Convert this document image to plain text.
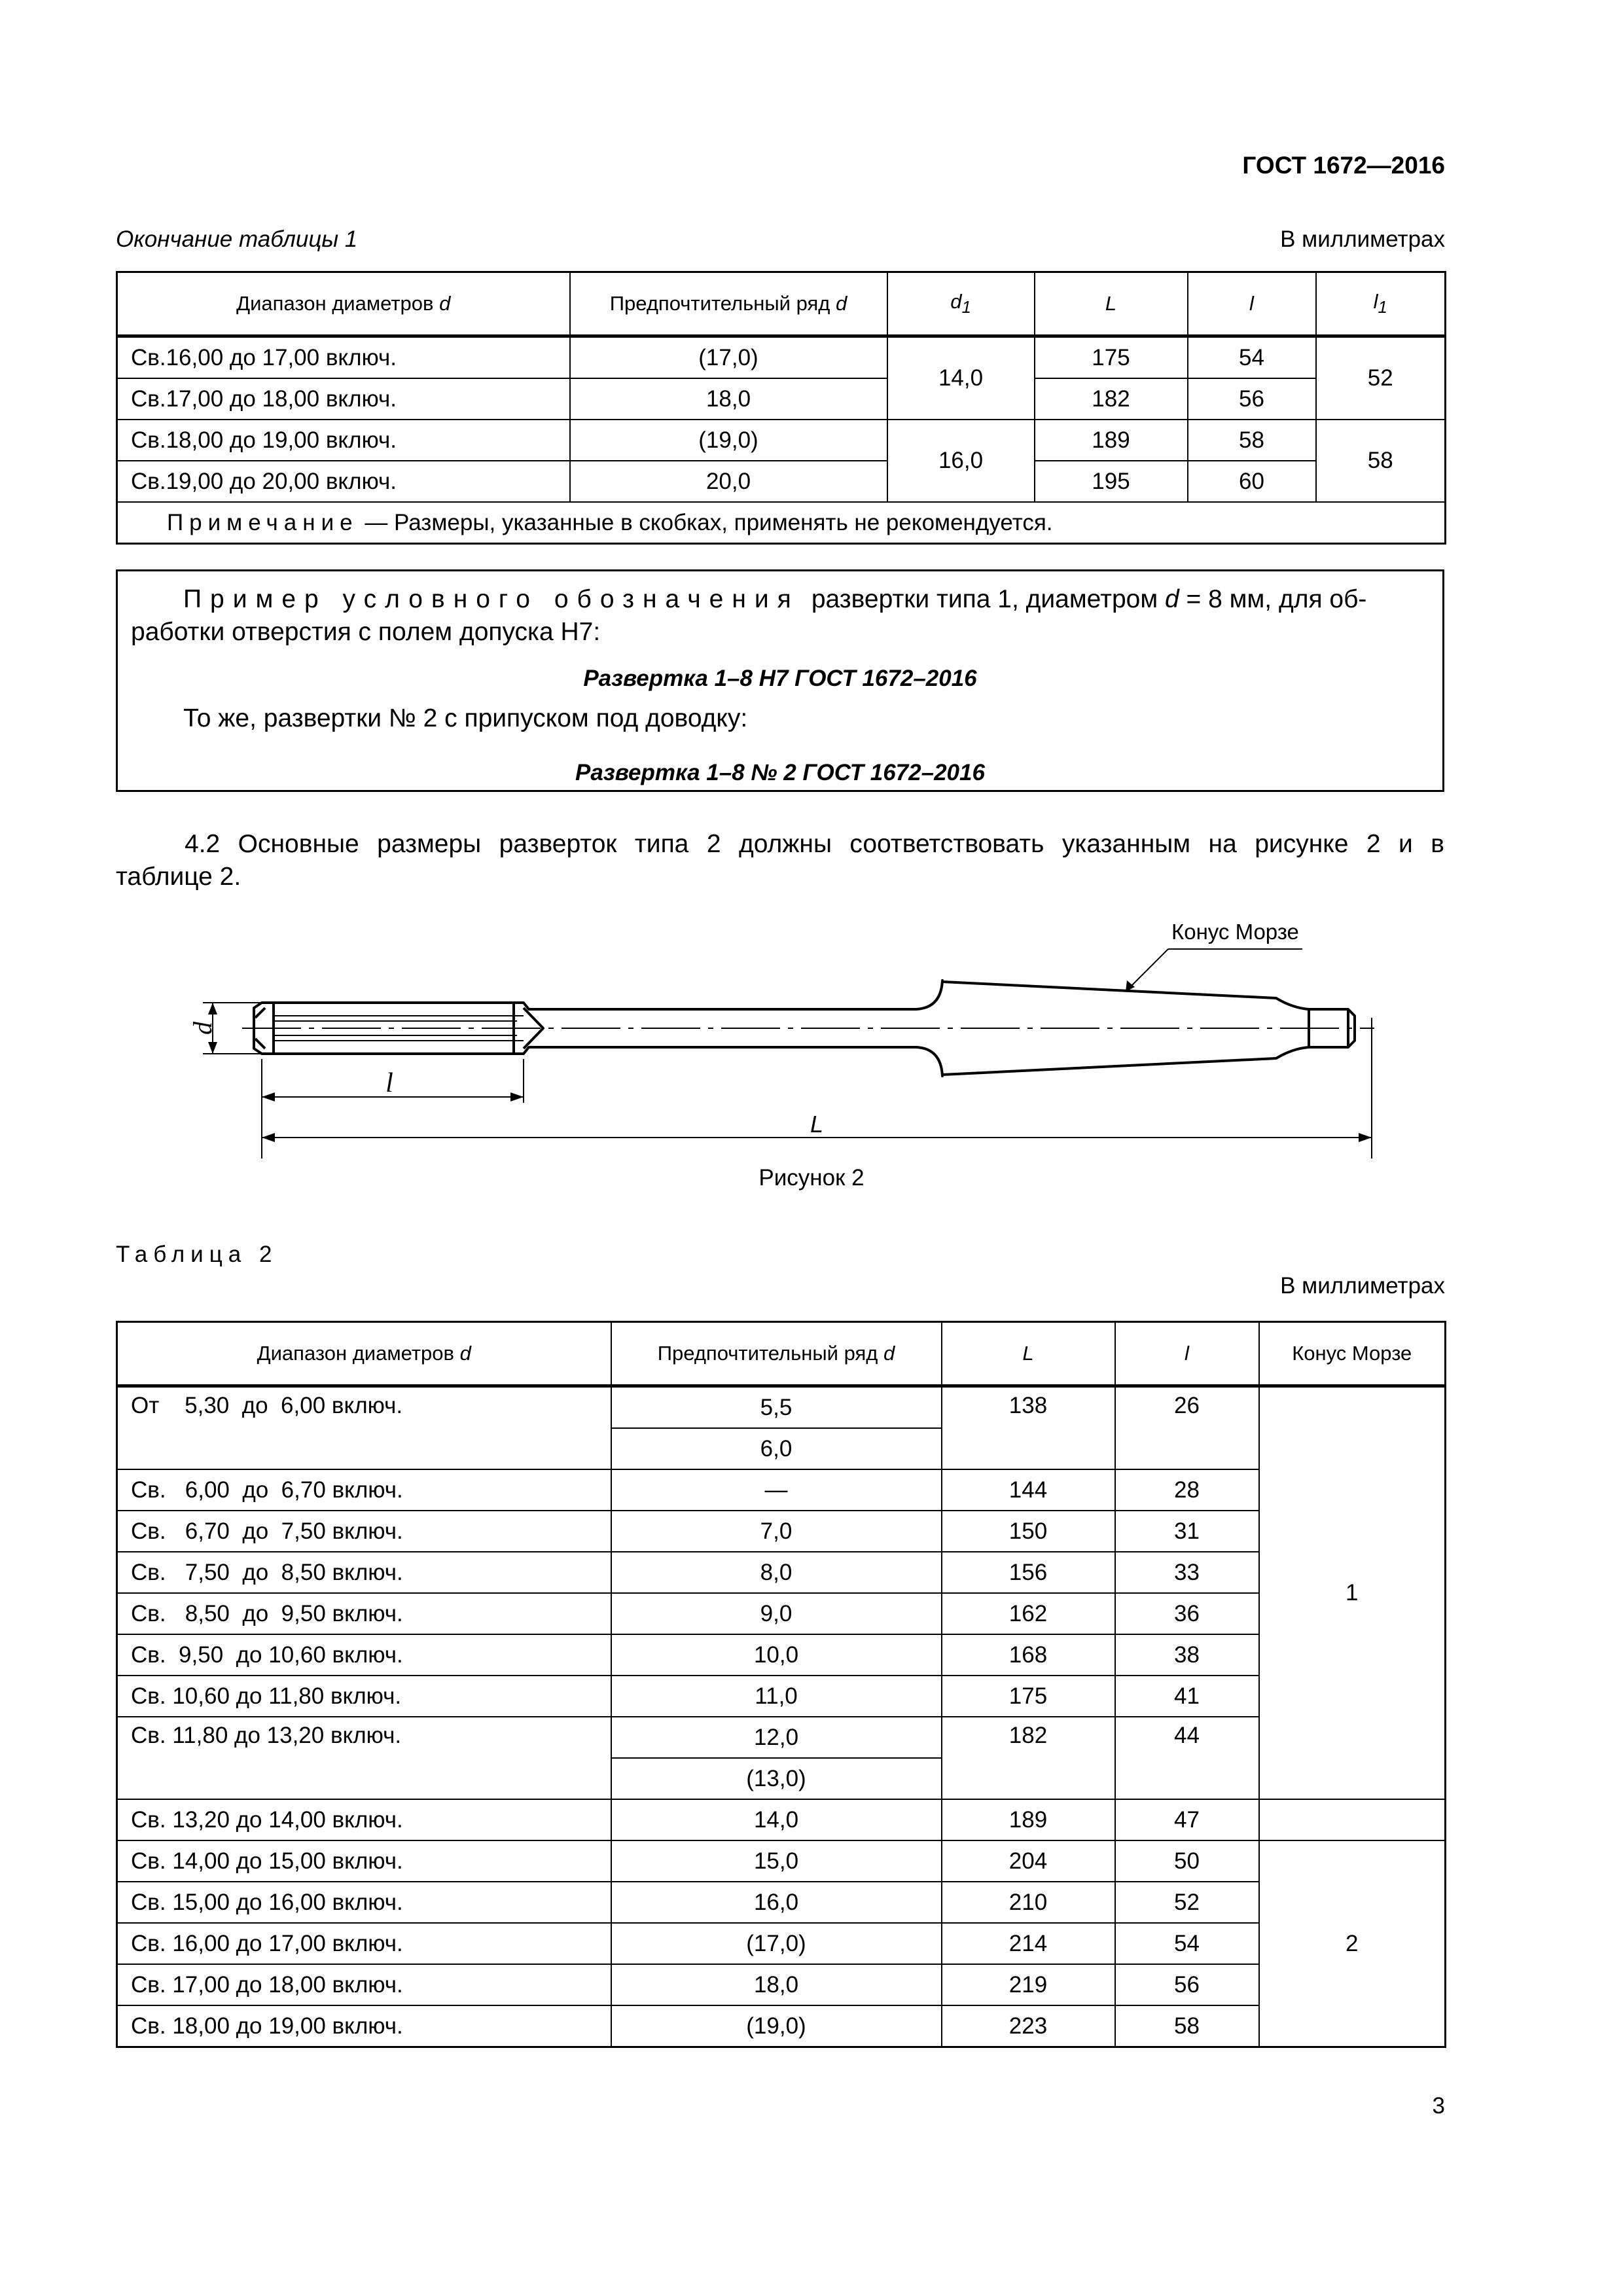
ГОСТ 1672—2016
Окончание таблицы 1	В миллиметрах
Диапазон диаметров d	Предпочтительный ряд d	$d_1$	L	l	$l_1$
Св.16,00 до 17,00 включ.	(17,0)	14,0	175	54	52
Св.17,00 до 18,00 включ.	18,0		182	56	
Св.18,00 до 19,00 включ.	(19,0)	16,0	189	58	58
Св.19,00 до 20,00 включ.	20,0		195	60	
Примечание — Размеры, указанные в скобках, применять не рекомендуется.					
Пример условного обозначения развертки типа 1, диаметром d = 8 мм, для об-
работки отверстия с полем допуска H7:
Развертка 1–8 H7 ГОСТ 1672–2016
То же, развертки № 2 с припуском под доводку:
Развертка 1–8 № 2 ГОСТ 1672–2016
4.2 Основные размеры разверток типа 2 должны соответствовать указанным на рисунке 2 и в
таблице 2.
Конус Морзе
d
l
L
Рисунок 2
Таблица 2
В миллиметрах
Диапазон диаметров d	Предпочтительный ряд d	L	l	Конус Морзе
От    5,30  до  6,00 включ.	5,5	138	26	1
	6,0			
Св.   6,00  до  6,70 включ.	—	144	28	
Св.   6,70  до  7,50 включ.	7,0	150	31	
Св.   7,50  до  8,50 включ.	8,0	156	33	
Св.   8,50  до  9,50 включ.	9,0	162	36	
Св.  9,50  до 10,60 включ.	10,0	168	38	
Св. 10,60 до 11,80 включ.	11,0	175	41	
Св. 11,80 до 13,20 включ.	12,0	182	44	
	(13,0)			
Св. 13,20 до 14,00 включ.	14,0	189	47	
Св. 14,00 до 15,00 включ.	15,0	204	50	2
Св. 15,00 до 16,00 включ.	16,0	210	52	
Св. 16,00 до 17,00 включ.	(17,0)	214	54	
Св. 17,00 до 18,00 включ.	18,0	219	56	
Св. 18,00 до 19,00 включ.	(19,0)	223	58	
3
